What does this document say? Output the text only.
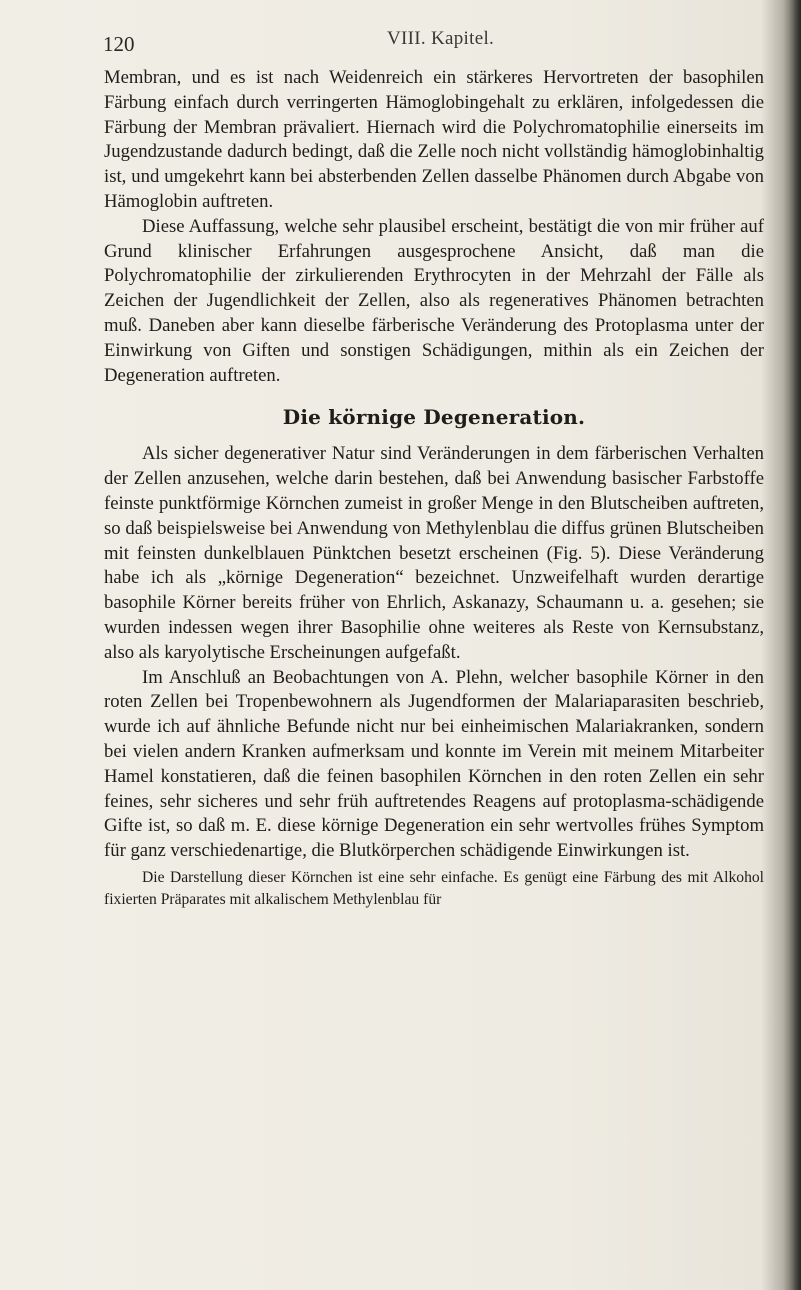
120	VIII. Kapitel.

Membran, und es ist nach Weidenreich ein stärkeres Hervortreten der basophilen Färbung einfach durch verringerten Hämoglobingehalt zu erklären, infolgedessen die Färbung der Membran prävaliert. Hiernach wird die Polychromatophilie einerseits im Jugendzustande dadurch bedingt, daß die Zelle noch nicht vollständig hämoglobinhaltig ist, und umgekehrt kann bei absterbenden Zellen dasselbe Phänomen durch Abgabe von Hämoglobin auftreten.

Diese Auffassung, welche sehr plausibel erscheint, bestätigt die von mir früher auf Grund klinischer Erfahrungen ausgesprochene Ansicht, daß man die Polychromatophilie der zirkulierenden Erythrocyten in der Mehrzahl der Fälle als Zeichen der Jugendlichkeit der Zellen, also als regeneratives Phänomen betrachten muß. Daneben aber kann dieselbe färberische Veränderung des Protoplasma unter der Einwirkung von Giften und sonstigen Schädigungen, mithin als ein Zeichen der Degeneration auftreten.

Die körnige Degeneration.

Als sicher degenerativer Natur sind Veränderungen in dem färberischen Verhalten der Zellen anzusehen, welche darin bestehen, daß bei Anwendung basischer Farbstoffe feinste punktförmige Körnchen zumeist in großer Menge in den Blutscheiben auftreten, so daß beispielsweise bei Anwendung von Methylenblau die diffus grünen Blutscheiben mit feinsten dunkelblauen Pünktchen besetzt erscheinen (Fig. 5). Diese Veränderung habe ich als „körnige Degeneration“ bezeichnet. Unzweifelhaft wurden derartige basophile Körner bereits früher von Ehrlich, Askanazy, Schaumann u. a. gesehen; sie wurden indessen wegen ihrer Basophilie ohne weiteres als Reste von Kernsubstanz, also als karyolytische Erscheinungen aufgefaßt.

Im Anschluß an Beobachtungen von A. Plehn, welcher basophile Körner in den roten Zellen bei Tropenbewohnern als Jugendformen der Malariaparasiten beschrieb, wurde ich auf ähnliche Befunde nicht nur bei einheimischen Malariakranken, sondern bei vielen andern Kranken aufmerksam und konnte im Verein mit meinem Mitarbeiter Hamel konstatieren, daß die feinen basophilen Körnchen in den roten Zellen ein sehr feines, sehr sicheres und sehr früh auftretendes Reagens auf protoplasma-schädigende Gifte ist, so daß m. E. diese körnige Degeneration ein sehr wertvolles frühes Symptom für ganz verschiedenartige, die Blutkörperchen schädigende Einwirkungen ist.

Die Darstellung dieser Körnchen ist eine sehr einfache. Es genügt eine Färbung des mit Alkohol fixierten Präparates mit alkalischem Methylenblau für
